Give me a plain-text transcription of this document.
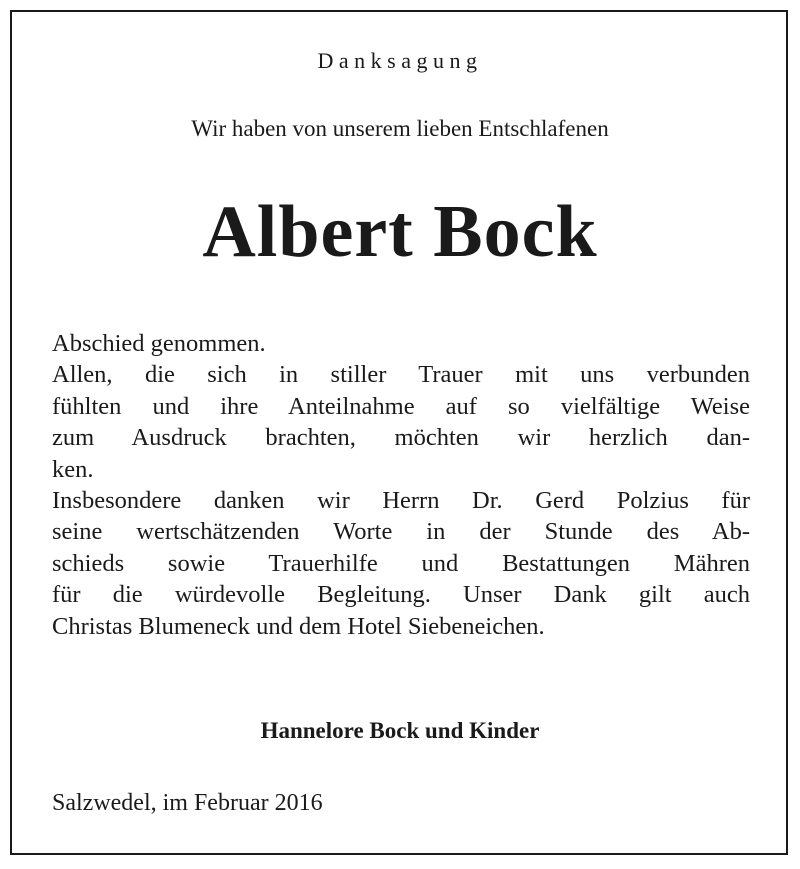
Danksagung
Wir haben von unserem lieben Entschlafenen
Albert Bock
Abschied genommen.
Allen, die sich in stiller Trauer mit uns verbunden
fühlten und ihre Anteilnahme auf so vielfältige Weise
zum Ausdruck brachten, möchten wir herzlich dan-
ken.
Insbesondere danken wir Herrn Dr. Gerd Polzius für
seine wertschätzenden Worte in der Stunde des Ab-
schieds sowie Trauerhilfe und Bestattungen Mähren
für die würdevolle Begleitung. Unser Dank gilt auch
Christas Blumeneck und dem Hotel Siebeneichen.
Hannelore Bock und Kinder
Salzwedel, im Februar 2016
